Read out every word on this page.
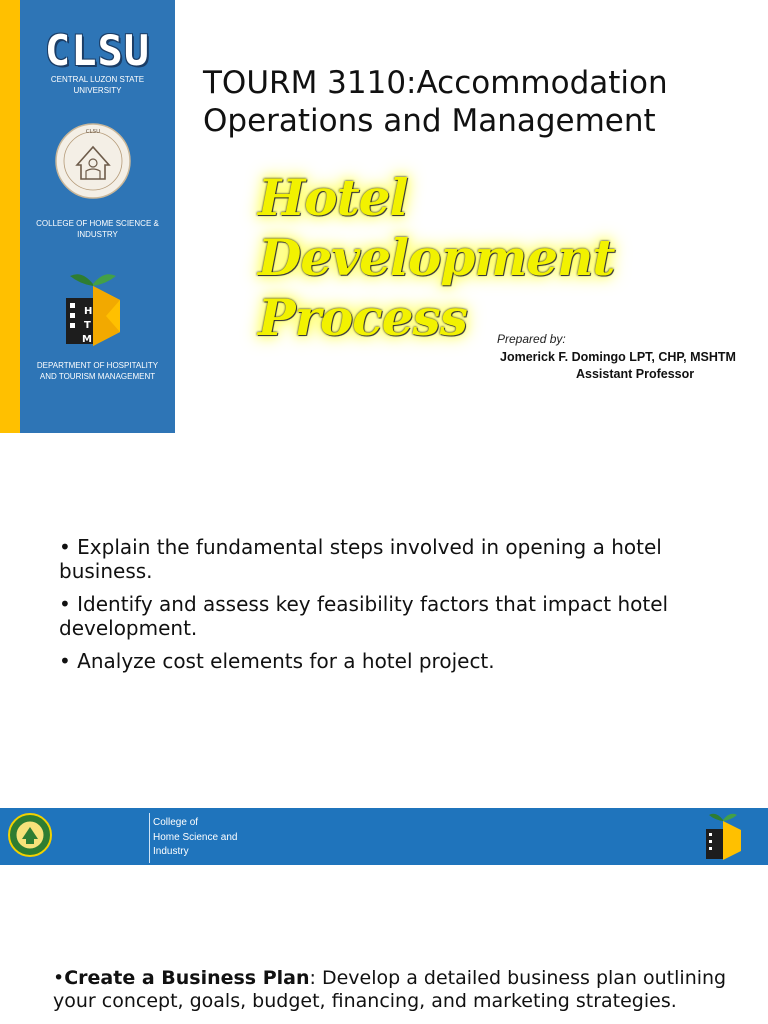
CLSU
CENTRAL LUZON STATE UNIVERSITY
CLSU
COLLEGE OF HOME SCIENCE & INDUSTRY
H
T
M
DEPARTMENT OF HOSPITALITY AND TOURISM MANAGEMENT
TOURM 3110:Accommodation Operations and Management
Hotel Development
Process	Prepared by:
Jomerick F. Domingo LPT, CHP, MSHTM
Assistant Professor

• Explain the fundamental steps involved in opening a hotel business.

• Identify and assess key feasibility factors that impact hotel development.

• Analyze cost elements for a hotel project.

College of
Home Science and
Industry
•Create a Business Plan: Develop a detailed business plan outlining your concept, goals, budget, financing, and marketing strategies.
